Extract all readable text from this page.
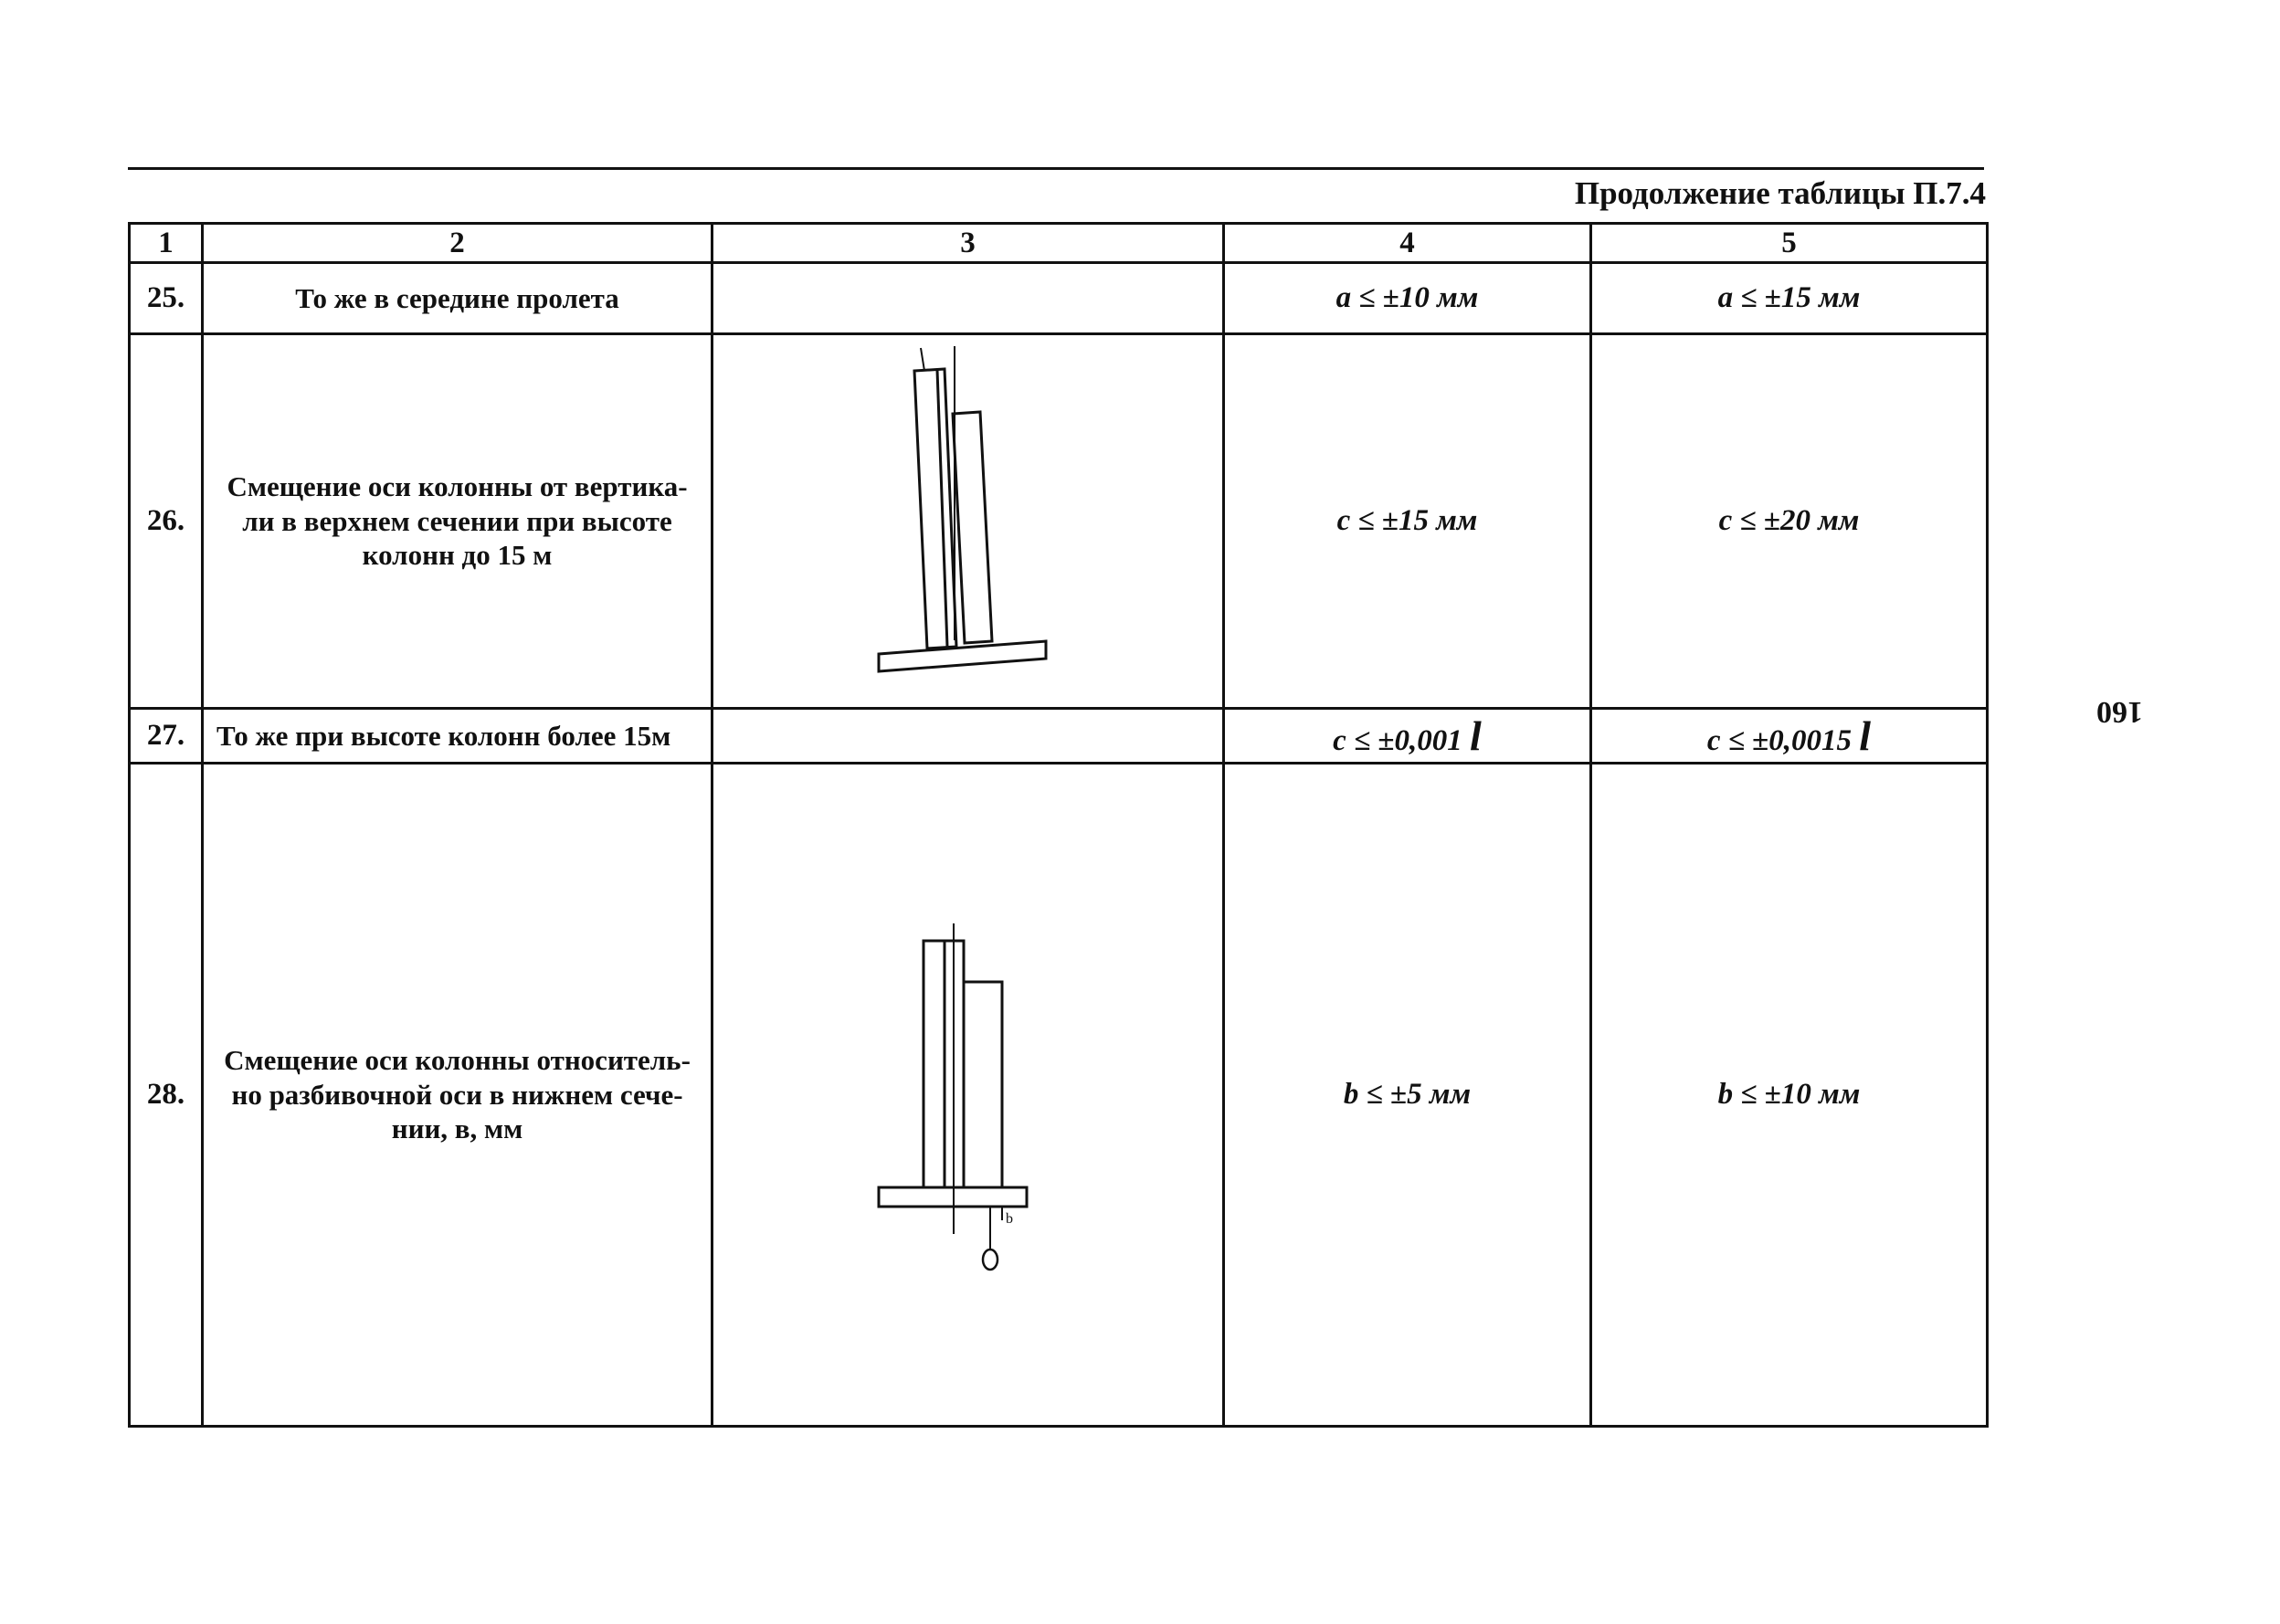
Продолжение таблицы П.7.4
1	2	3	4	5
25.	То же в середине пролета		a ≤ ±10 мм	a ≤ ±15 мм
26.	Смещение оси колонны от вертика-ли в верхнем сечении при высоте колонн до 15 м		c ≤ ±15 мм	c ≤ ±20 мм
27.	То же при высоте колонн более 15м		c ≤ ±0,001 l	c ≤ ±0,0015 l
28.	Смещение оси колонны относитель-но разбивочной оси в нижнем сече-нии, в, мм	b	b ≤ ±5 мм	b ≤ ±10 мм
160
